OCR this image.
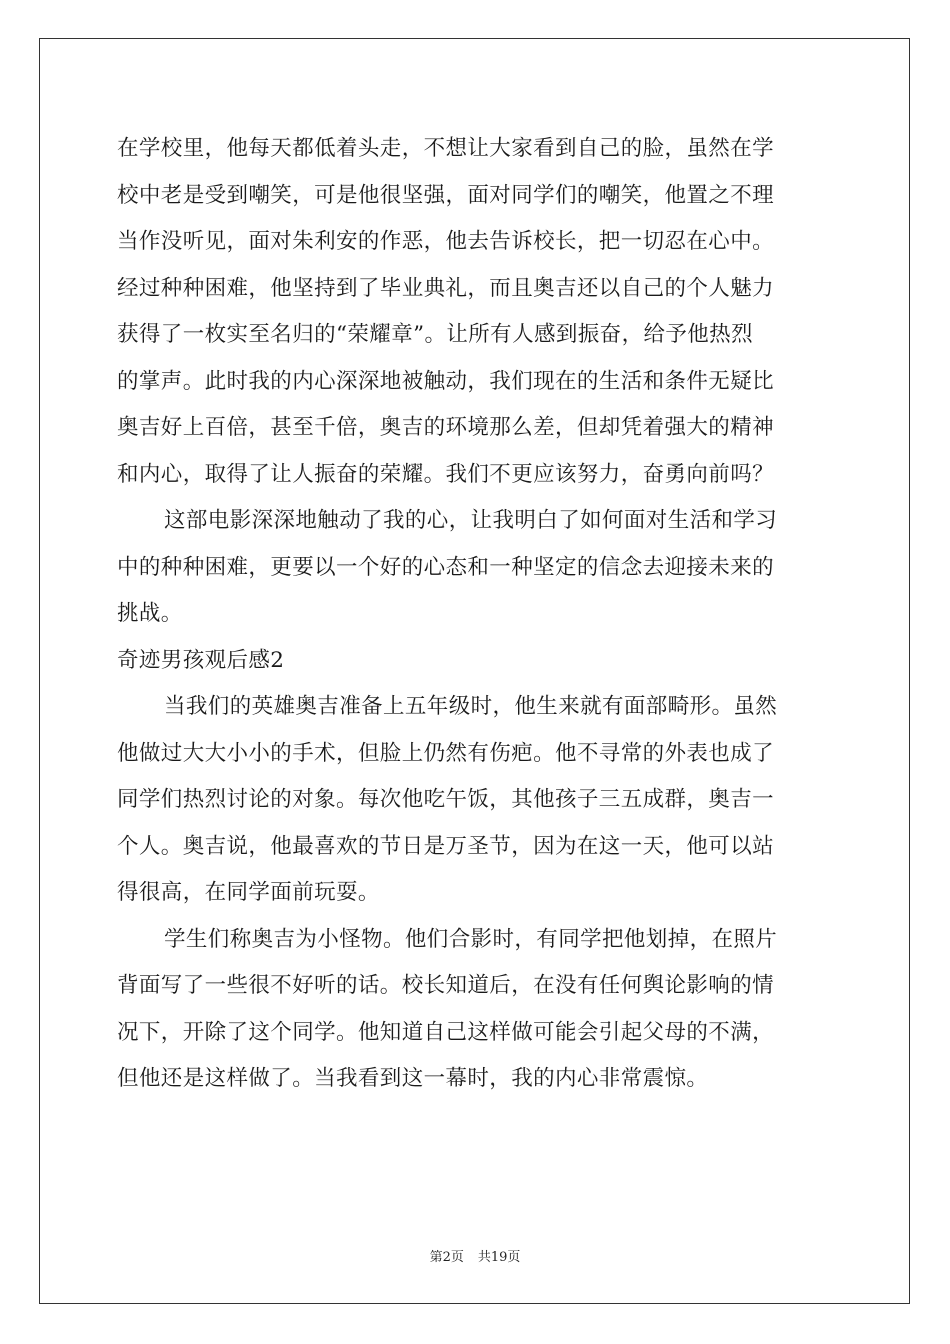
在学校里，他每天都低着头走，不想让大家看到自己的脸，虽然在学
校中老是受到嘲笑，可是他很坚强，面对同学们的嘲笑，他置之不理
当作没听见，面对朱利安的作恶，他去告诉校长，把一切忍在心中。
经过种种困难，他坚持到了毕业典礼，而且奥吉还以自己的个人魅力
获得了一枚实至名归的“荣耀章”。让所有人感到振奋，给予他热烈
的掌声。此时我的内心深深地被触动，我们现在的生活和条件无疑比
奥吉好上百倍，甚至千倍，奥吉的环境那么差，但却凭着强大的精神
和内心，取得了让人振奋的荣耀。我们不更应该努力，奋勇向前吗？
这部电影深深地触动了我的心，让我明白了如何面对生活和学习
中的种种困难，更要以一个好的心态和一种坚定的信念去迎接未来的
挑战。
奇迹男孩观后感2
当我们的英雄奥吉准备上五年级时，他生来就有面部畸形。虽然
他做过大大小小的手术，但脸上仍然有伤疤。他不寻常的外表也成了
同学们热烈讨论的对象。每次他吃午饭，其他孩子三五成群，奥吉一
个人。奥吉说，他最喜欢的节日是万圣节，因为在这一天，他可以站
得很高，在同学面前玩耍。
学生们称奥吉为小怪物。他们合影时，有同学把他划掉，在照片
背面写了一些很不好听的话。校长知道后，在没有任何舆论影响的情
况下，开除了这个同学。他知道自己这样做可能会引起父母的不满，
但他还是这样做了。当我看到这一幕时，我的内心非常震惊。
第2页 共19页
